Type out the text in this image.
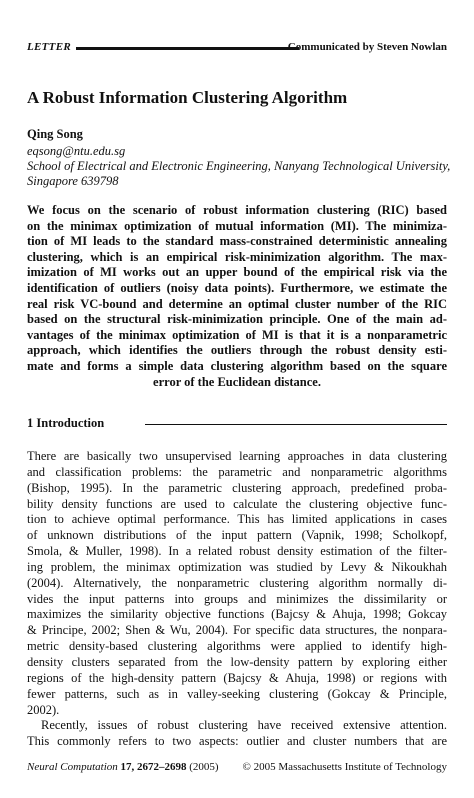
LETTER	Communicated by Steven Nowlan
A Robust Information Clustering Algorithm
Qing Song
eqsong@ntu.edu.sg
School of Electrical and Electronic Engineering, Nanyang Technological University,
Singapore 639798
We focus on the scenario of robust information clustering (RIC) based
on the minimax optimization of mutual information (MI). The minimiza-
tion of MI leads to the standard mass-constrained deterministic annealing
clustering, which is an empirical risk-minimization algorithm. The max-
imization of MI works out an upper bound of the empirical risk via the
identification of outliers (noisy data points). Furthermore, we estimate the
real risk VC-bound and determine an optimal cluster number of the RIC
based on the structural risk-minimization principle. One of the main ad-
vantages of the minimax optimization of MI is that it is a nonparametric
approach, which identifies the outliers through the robust density esti-
mate and forms a simple data clustering algorithm based on the square
error of the Euclidean distance.
1 Introduction
There are basically two unsupervised learning approaches in data clustering
and classification problems: the parametric and nonparametric algorithms
(Bishop, 1995). In the parametric clustering approach, predefined proba-
bility density functions are used to calculate the clustering objective func-
tion to achieve optimal performance. This has limited applications in cases
of unknown distributions of the input pattern (Vapnik, 1998; Scholkopf,
Smola, & Muller, 1998). In a related robust density estimation of the filter-
ing problem, the minimax optimization was studied by Levy & Nikoukhah
(2004). Alternatively, the nonparametric clustering algorithm normally di-
vides the input patterns into groups and minimizes the dissimilarity or
maximizes the similarity objective functions (Bajcsy & Ahuja, 1998; Gokcay
& Principe, 2002; Shen & Wu, 2004). For specific data structures, the nonpara-
metric density-based clustering algorithms were applied to identify high-
density clusters separated from the low-density pattern by exploring either
regions of the high-density pattern (Bajcsy & Ahuja, 1998) or regions with
fewer patterns, such as in valley-seeking clustering (Gokcay & Principle,
2002).
Recently, issues of robust clustering have received extensive attention.
This commonly refers to two aspects: outlier and cluster numbers that are
Neural Computation 17, 2672–2698 (2005) © 2005 Massachusetts Institute of Technology
